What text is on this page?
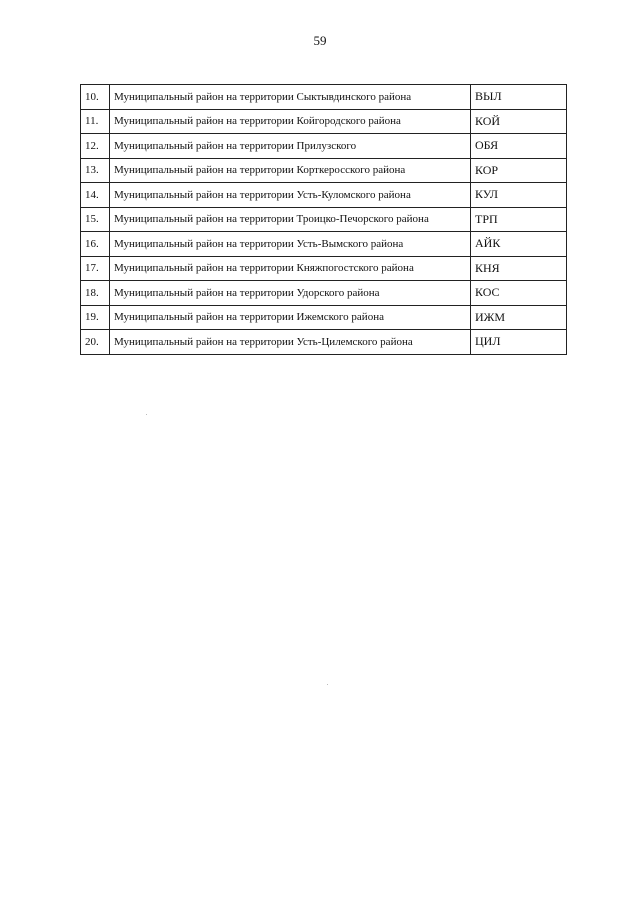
59
10.	Муниципальный район на территории Сыктывдинского района	ВЫЛ
11.	Муниципальный район на территории Койгородского района	КОЙ
12.	Муниципальный район на территории Прилузского	ОБЯ
13.	Муниципальный район на территории Корткеросского района	КОР
14.	Муниципальный район на территории Усть-Куломского района	КУЛ
15.	Муниципальный район на территории Троицко-Печорского района	ТРП
16.	Муниципальный район на территории Усть-Вымского района	АЙК
17.	Муниципальный район на территории Княжпогостского района	КНЯ
18.	Муниципальный район на территории Удорского района	КОС
19.	Муниципальный район на территории Ижемского района	ИЖМ
20.	Муниципальный район на территории Усть-Цилемского района	ЦИЛ
